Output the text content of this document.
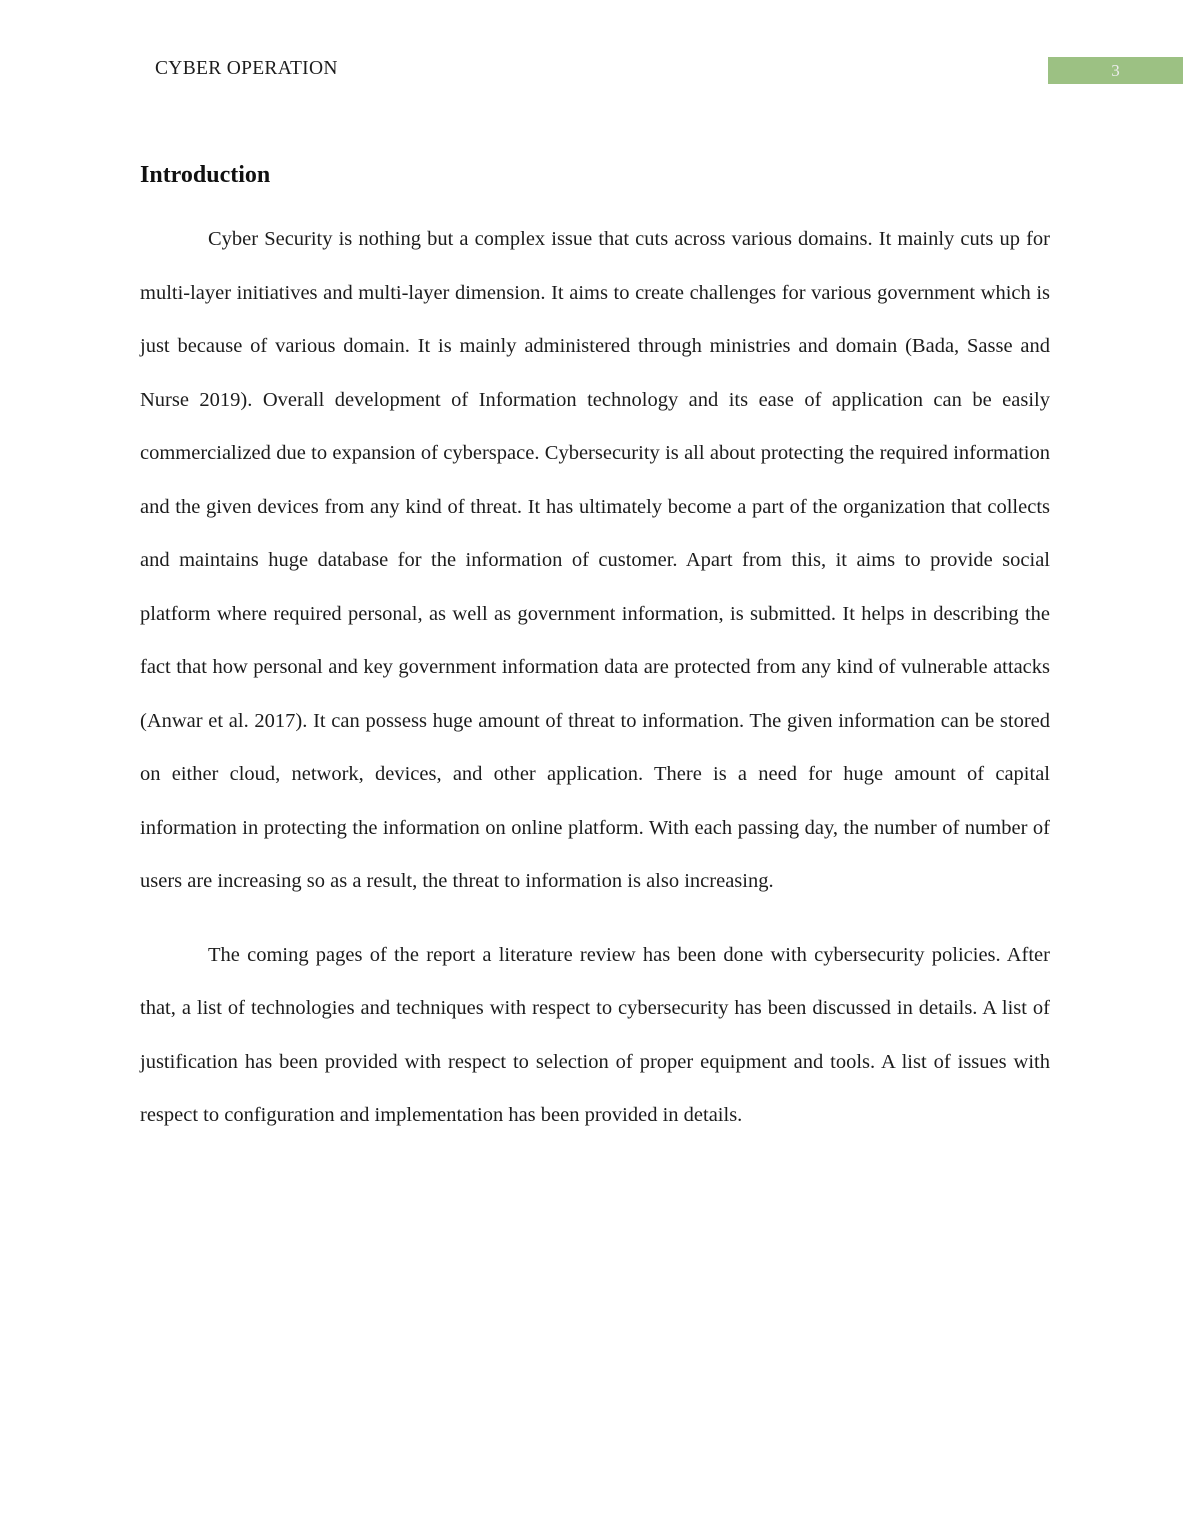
CYBER OPERATION	3
Introduction

Cyber Security is nothing but a complex issue that cuts across various domains. It mainly cuts up for multi-layer initiatives and multi-layer dimension. It aims to create challenges for various government which is just because of various domain. It is mainly administered through ministries and domain (Bada, Sasse and Nurse 2019). Overall development of Information technology and its ease of application can be easily commercialized due to expansion of cyberspace. Cybersecurity is all about protecting the required information and the given devices from any kind of threat. It has ultimately become a part of the organization that collects and maintains huge database for the information of customer. Apart from this, it aims to provide social platform where required personal, as well as government information, is submitted. It helps in describing the fact that how personal and key government information data are protected from any kind of vulnerable attacks (Anwar et al. 2017). It can possess huge amount of threat to information. The given information can be stored on either cloud, network, devices, and other application. There is a need for huge amount of capital information in protecting the information on online platform. With each passing day, the number of number of users are increasing so as a result, the threat to information is also increasing.

The coming pages of the report a literature review has been done with cybersecurity policies. After that, a list of technologies and techniques with respect to cybersecurity has been discussed in details. A list of justification has been provided with respect to selection of proper equipment and tools. A list of issues with respect to configuration and implementation has been provided in details.
